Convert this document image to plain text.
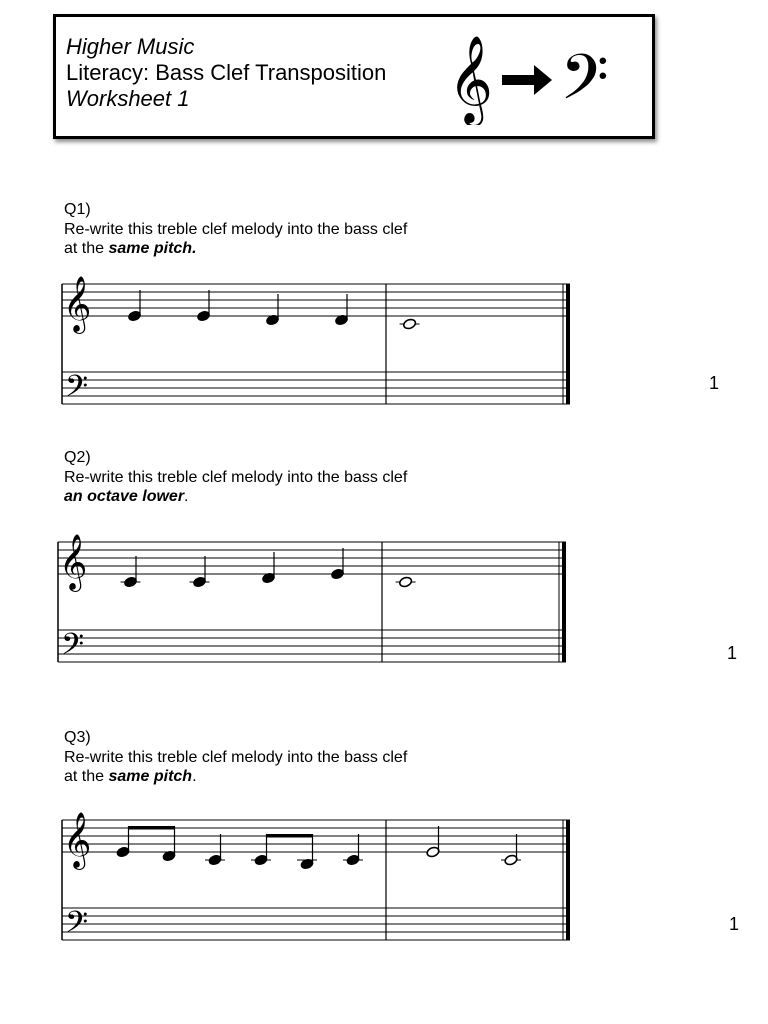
Higher Music
Literacy: Bass Clef Transposition
Worksheet 1	𝄞 𝄢
Q1)
Re-write this treble clef melody into the bass clef
at the same pitch.
𝄞
𝄢	1
Q2)
Re-write this treble clef melody into the bass clef
an octave lower.
𝄞
𝄢	1
Q3)
Re-write this treble clef melody into the bass clef
at the same pitch.
𝄞
𝄢	1
